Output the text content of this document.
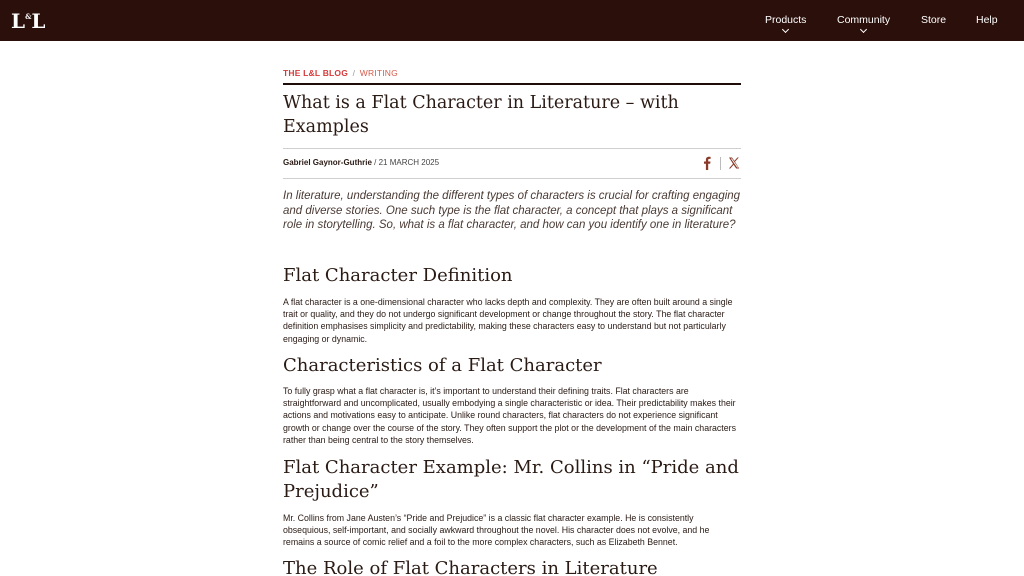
L&L	Products	Community	Store	Help
THE L&L BLOG / WRITING
What is a Flat Character in Literature – with Examples
Gabriel Gaynor-Guthrie / 21 MARCH 2025

In literature, understanding the different types of characters is crucial for crafting engaging and diverse stories. One such type is the flat character, a concept that plays a significant role in storytelling. So, what is a flat character, and how can you identify one in literature?

Flat Character Definition

A flat character is a one-dimensional character who lacks depth and complexity. They are often built around a single trait or quality, and they do not undergo significant development or change throughout the story. The flat character definition emphasises simplicity and predictability, making these characters easy to understand but not particularly engaging or dynamic.

Characteristics of a Flat Character

To fully grasp what a flat character is, it’s important to understand their defining traits. Flat characters are straightforward and uncomplicated, usually embodying a single characteristic or idea. Their predictability makes their actions and motivations easy to anticipate. Unlike round characters, flat characters do not experience significant growth or change over the course of the story. They often support the plot or the development of the main characters rather than being central to the story themselves.

Flat Character Example: Mr. Collins in “Pride and Prejudice”

Mr. Collins from Jane Austen’s “Pride and Prejudice” is a classic flat character example. He is consistently obsequious, self-important, and socially awkward throughout the novel. His character does not evolve, and he remains a source of comic relief and a foil to the more complex characters, such as Elizabeth Bennet.

The Role of Flat Characters in Literature
